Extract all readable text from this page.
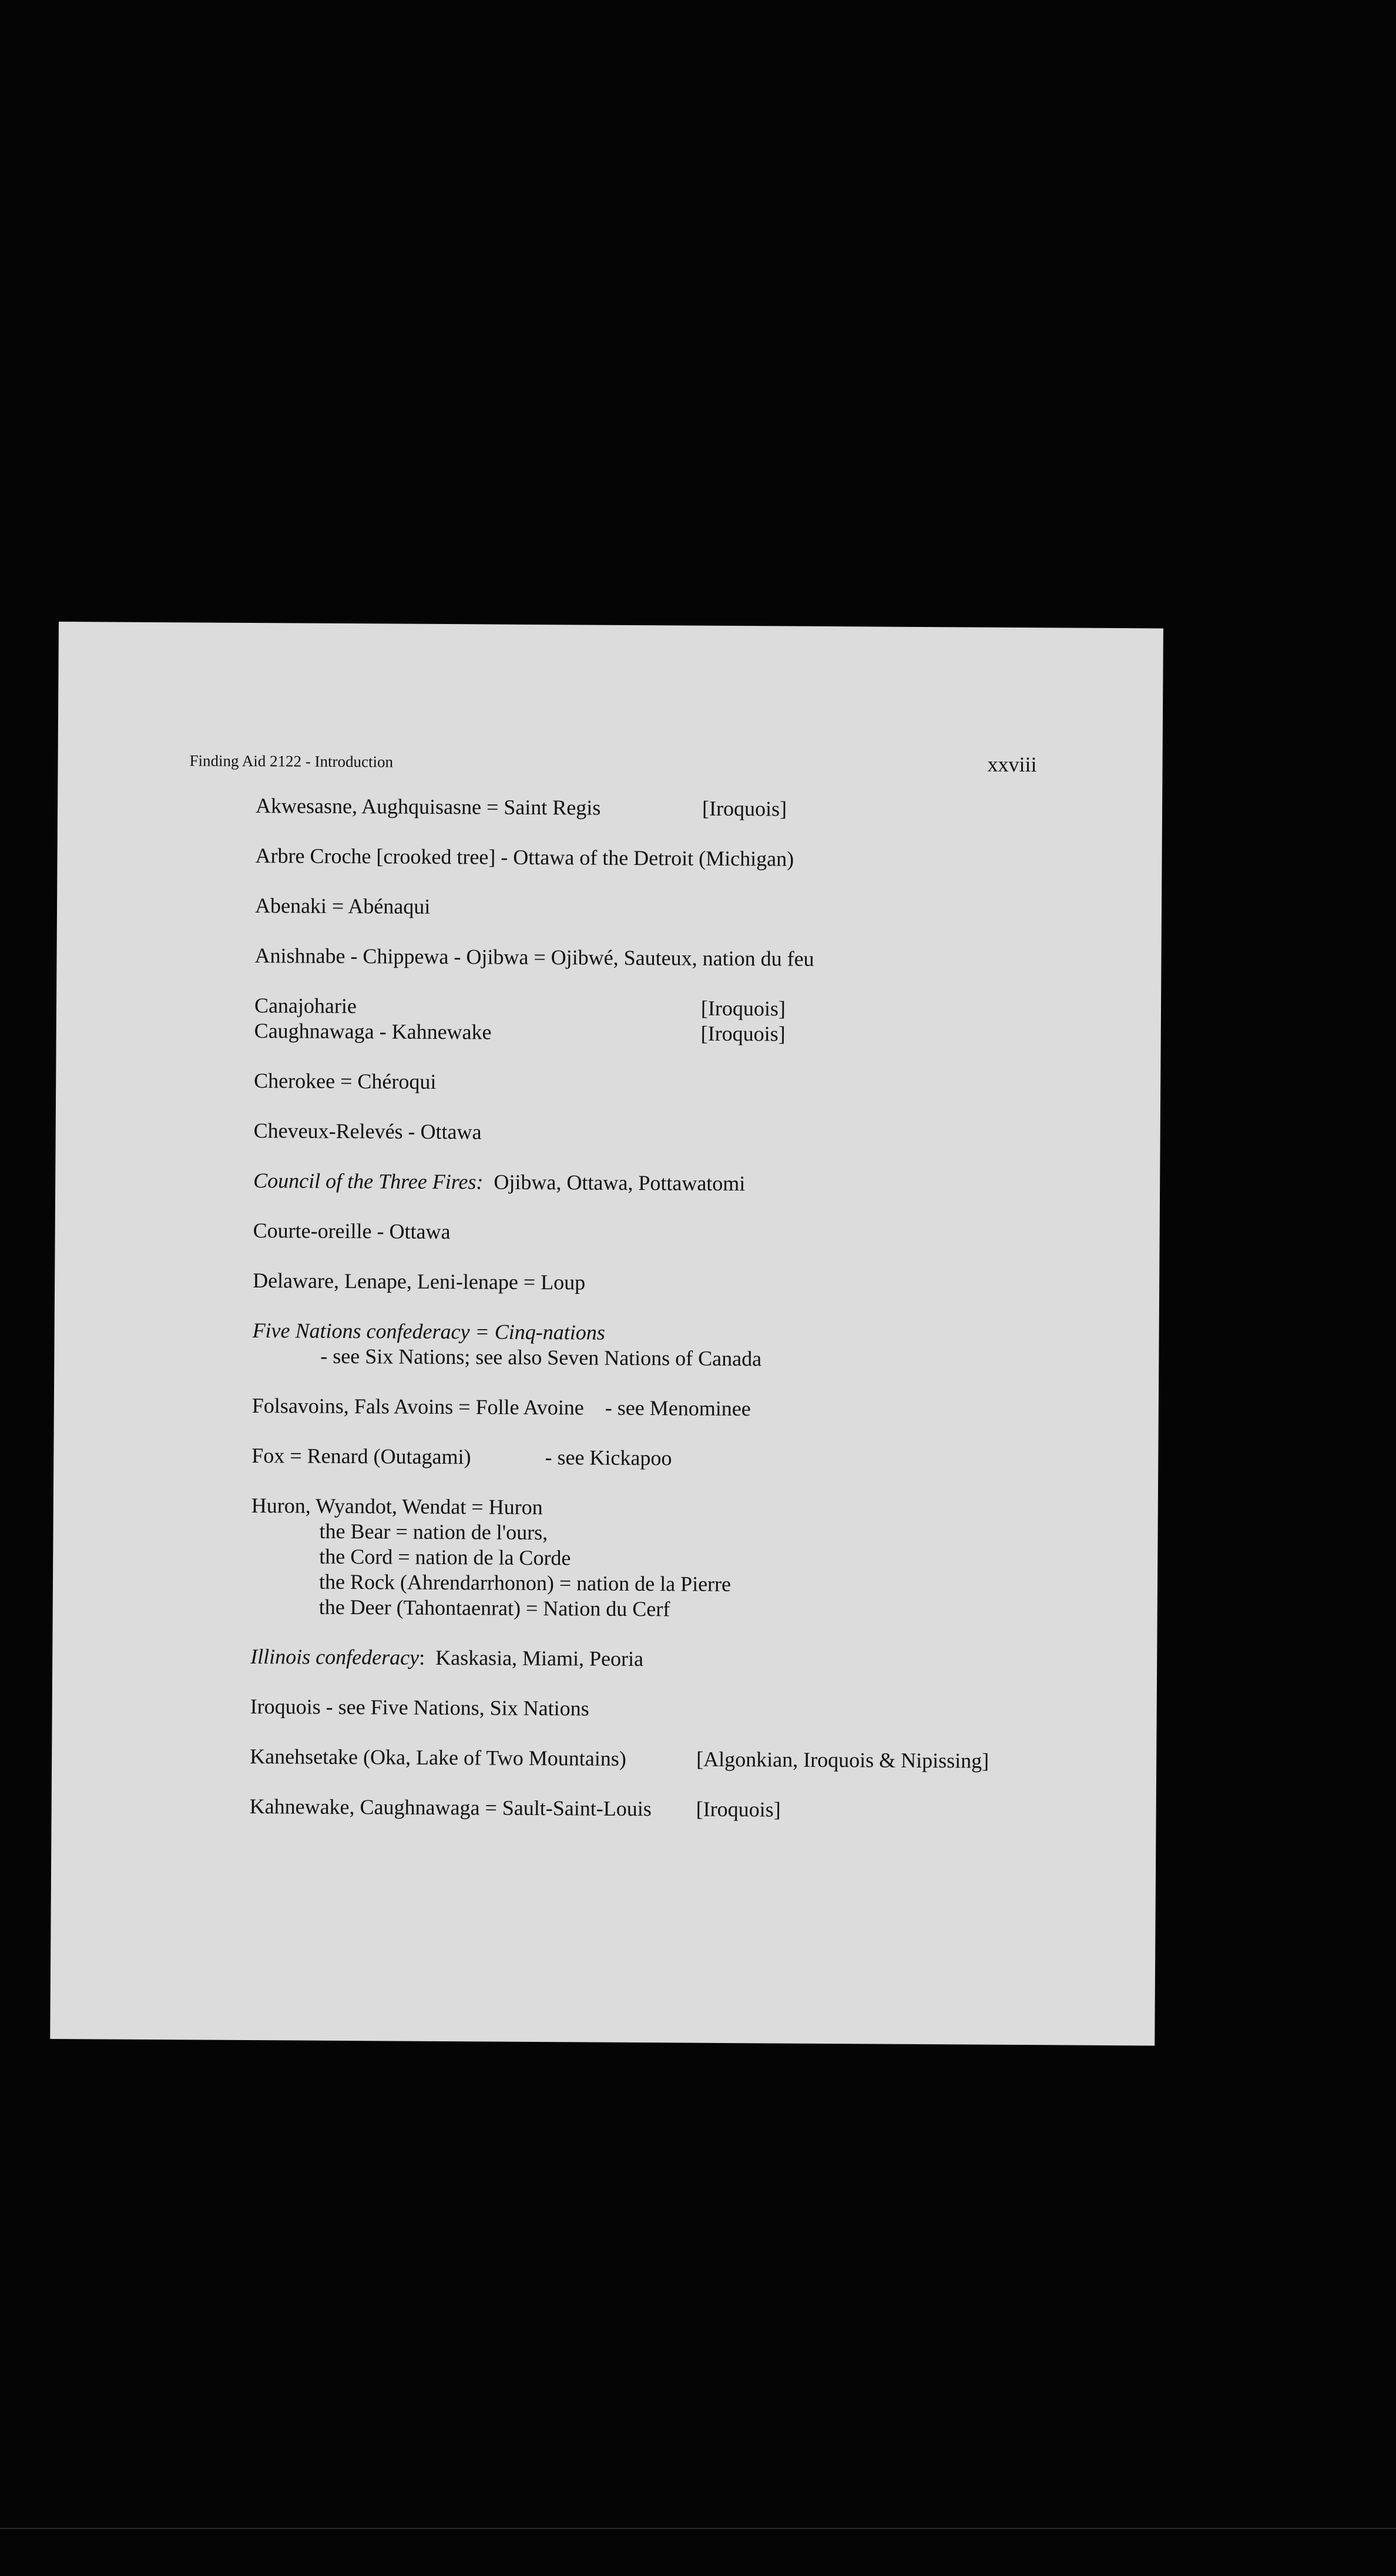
Finding Aid 2122 - Introduction	xxviii
Akwesasne, Aughquisasne = Saint Regis	[Iroquois]
Arbre Croche [crooked tree] - Ottawa of the Detroit (Michigan)
Abenaki = Abénaqui
Anishnabe - Chippewa - Ojibwa = Ojibwé, Sauteux, nation du feu
Canajoharie	[Iroquois]
Caughnawaga - Kahnewake	[Iroquois]
Cherokee = Chéroqui
Cheveux-Relevés - Ottawa
Council of the Three Fires: Ojibwa, Ottawa, Pottawatomi
Courte-oreille - Ottawa
Delaware, Lenape, Leni-lenape = Loup
Five Nations confederacy = Cinq-nations
- see Six Nations; see also Seven Nations of Canada
Folsavoins, Fals Avoins = Folle Avoine    - see Menominee
Fox = Renard (Outagami)              - see Kickapoo
Huron, Wyandot, Wendat = Huron
the Bear = nation de l'ours,
the Cord = nation de la Corde
the Rock (Ahrendarrhonon) = nation de la Pierre
the Deer (Tahontaenrat) = Nation du Cerf
Illinois confederacy :  Kaskasia, Miami, Peoria
Iroquois - see Five Nations, Six Nations
Kanehsetake (Oka, Lake of Two Mountains)	[Algonkian, Iroquois & Nipissing]
Kahnewake, Caughnawaga = Sault-Saint-Louis	[Iroquois]
